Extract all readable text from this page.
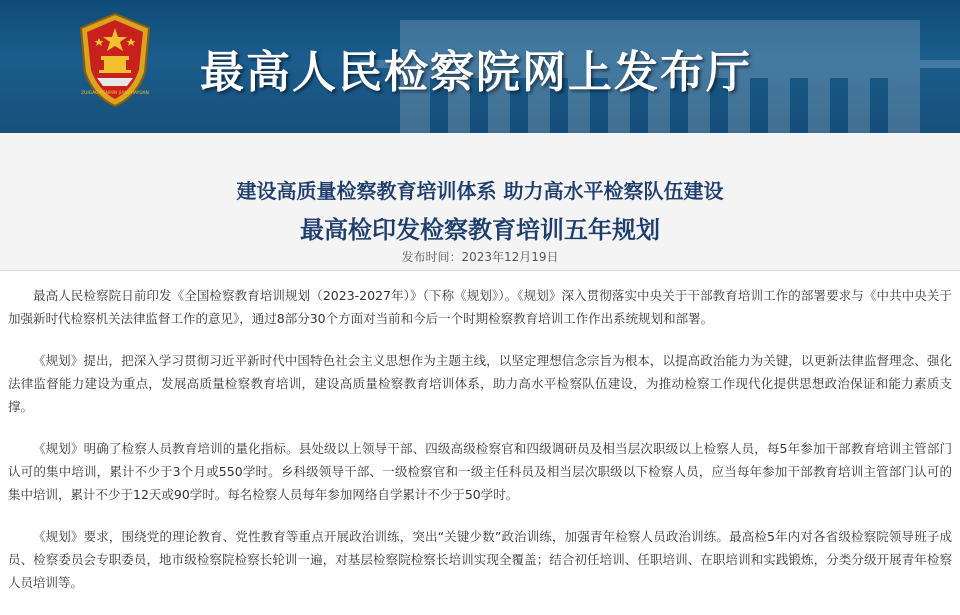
ZUIGAO RENMIN JIANCHAYUAN 最高人民检察院网上发布厅
建设高质量检察教育培训体系 助力高水平检察队伍建设
最高检印发检察教育培训五年规划
发布时间：2023年12月19日

最高人民检察院日前印发《全国检察教育培训规划（2023-2027年）》（下称《规划》）。《规划》深入贯彻落实中央关于干部教育培训工作的部署要求与《中共中央关于加强新时代检察机关法律监督工作的意见》，通过8部分30个方面对当前和今后一个时期检察教育培训工作作出系统规划和部署。

《规划》提出，把深入学习贯彻习近平新时代中国特色社会主义思想作为主题主线，以坚定理想信念宗旨为根本，以提高政治能力为关键，以更新法律监督理念、强化法律监督能力建设为重点，发展高质量检察教育培训，建设高质量检察教育培训体系，助力高水平检察队伍建设，为推动检察工作现代化提供思想政治保证和能力素质支撑。

《规划》明确了检察人员教育培训的量化指标。县处级以上领导干部、四级高级检察官和四级调研员及相当层次职级以上检察人员，每5年参加干部教育培训主管部门认可的集中培训，累计不少于3个月或550学时。乡科级领导干部、一级检察官和一级主任科员及相当层次职级以下检察人员，应当每年参加干部教育培训主管部门认可的集中培训，累计不少于12天或90学时。每名检察人员每年参加网络自学累计不少于50学时。

《规划》要求，围绕党的理论教育、党性教育等重点开展政治训练，突出“关键少数”政治训练，加强青年检察人员政治训练。最高检5年内对各省级检察院领导班子成员、检察委员会专职委员，地市级检察院检察长轮训一遍，对基层检察院检察长培训实现全覆盖；结合初任培训、任职培训、在职培训和实践锻炼，分类分级开展青年检察人员培训等。
